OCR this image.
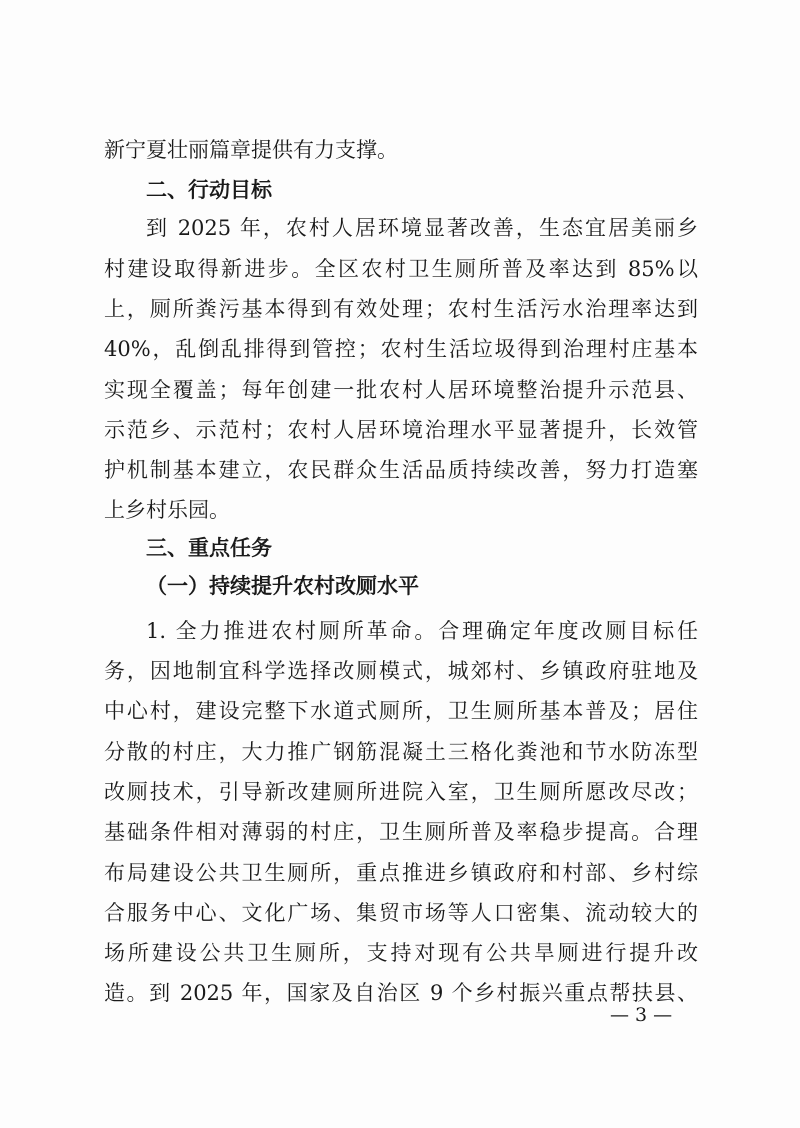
新宁夏壮丽篇章提供有力支撑。
二、行动目标
到 2025 年，农村人居环境显著改善，生态宜居美丽乡
村建设取得新进步。全区农村卫生厕所普及率达到 85%以
上，厕所粪污基本得到有效处理；农村生活污水治理率达到
40%，乱倒乱排得到管控；农村生活垃圾得到治理村庄基本
实现全覆盖；每年创建一批农村人居环境整治提升示范县、
示范乡、示范村；农村人居环境治理水平显著提升，长效管
护机制基本建立，农民群众生活品质持续改善，努力打造塞
上乡村乐园。
三、重点任务
（一）持续提升农村改厕水平
1. 全力推进农村厕所革命。合理确定年度改厕目标任
务，因地制宜科学选择改厕模式，城郊村、乡镇政府驻地及
中心村，建设完整下水道式厕所，卫生厕所基本普及；居住
分散的村庄，大力推广钢筋混凝土三格化粪池和节水防冻型
改厕技术，引导新改建厕所进院入室，卫生厕所愿改尽改；
基础条件相对薄弱的村庄，卫生厕所普及率稳步提高。合理
布局建设公共卫生厕所，重点推进乡镇政府和村部、乡村综
合服务中心、文化广场、集贸市场等人口密集、流动较大的
场所建设公共卫生厕所，支持对现有公共旱厕进行提升改
造。到 2025 年，国家及自治区 9 个乡村振兴重点帮扶县、
— 3 —
